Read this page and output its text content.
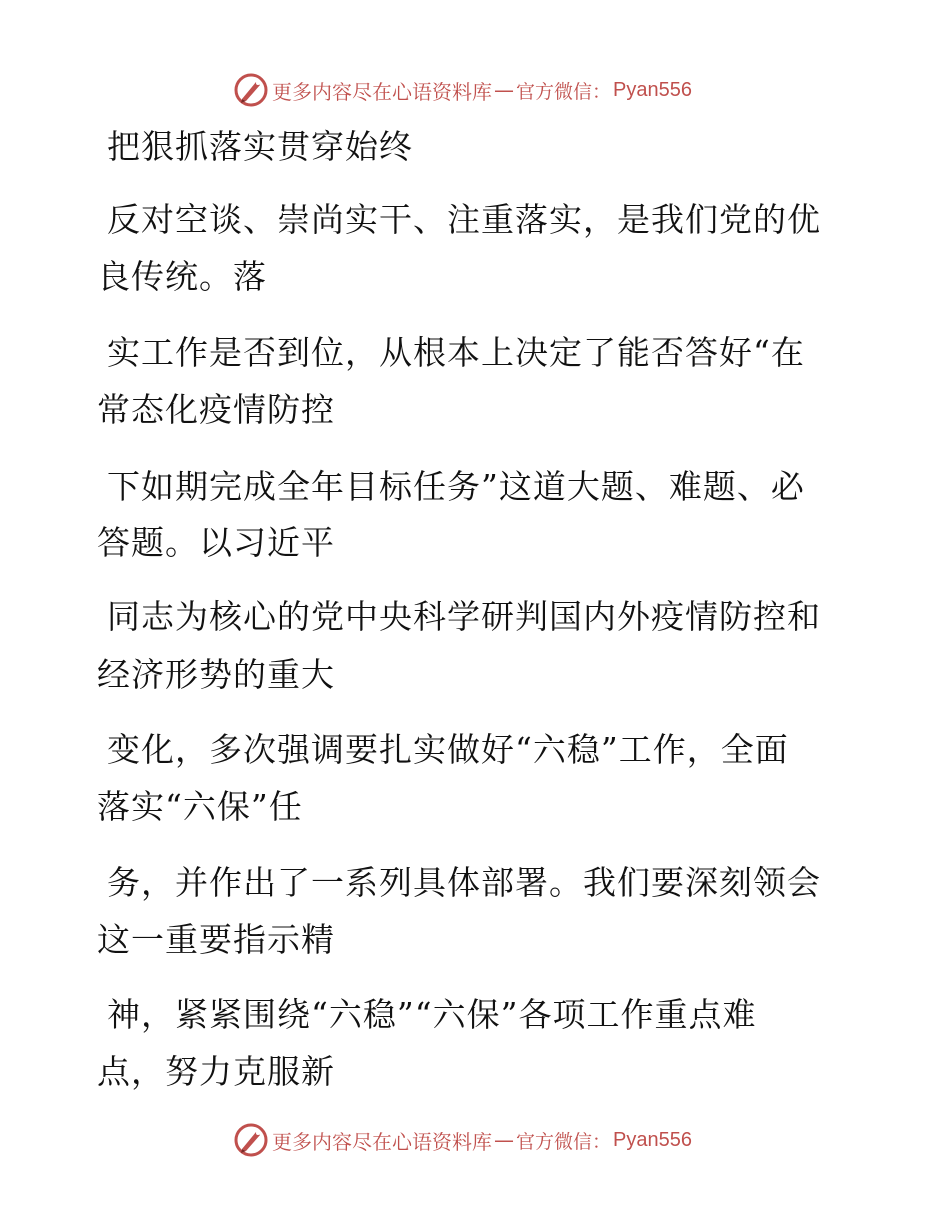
更多内容尽在心语资料库 — 官方微信： Pyan556
把狠抓落实贯穿始终
反对空谈、崇尚实干、注重落实，是我们党的优
良传统。落
实工作是否到位，从根本上决定了能否答好“在
常态化疫情防控
下如期完成全年目标任务”这道大题、难题、必
答题。以习近平
同志为核心的党中央科学研判国内外疫情防控和
经济形势的重大
变化，多次强调要扎实做好“六稳”工作，全面
落实“六保”任
务，并作出了一系列具体部署。我们要深刻领会
这一重要指示精
神，紧紧围绕“六稳”“六保”各项工作重点难
点，努力克服新
更多内容尽在心语资料库 — 官方微信： Pyan556
